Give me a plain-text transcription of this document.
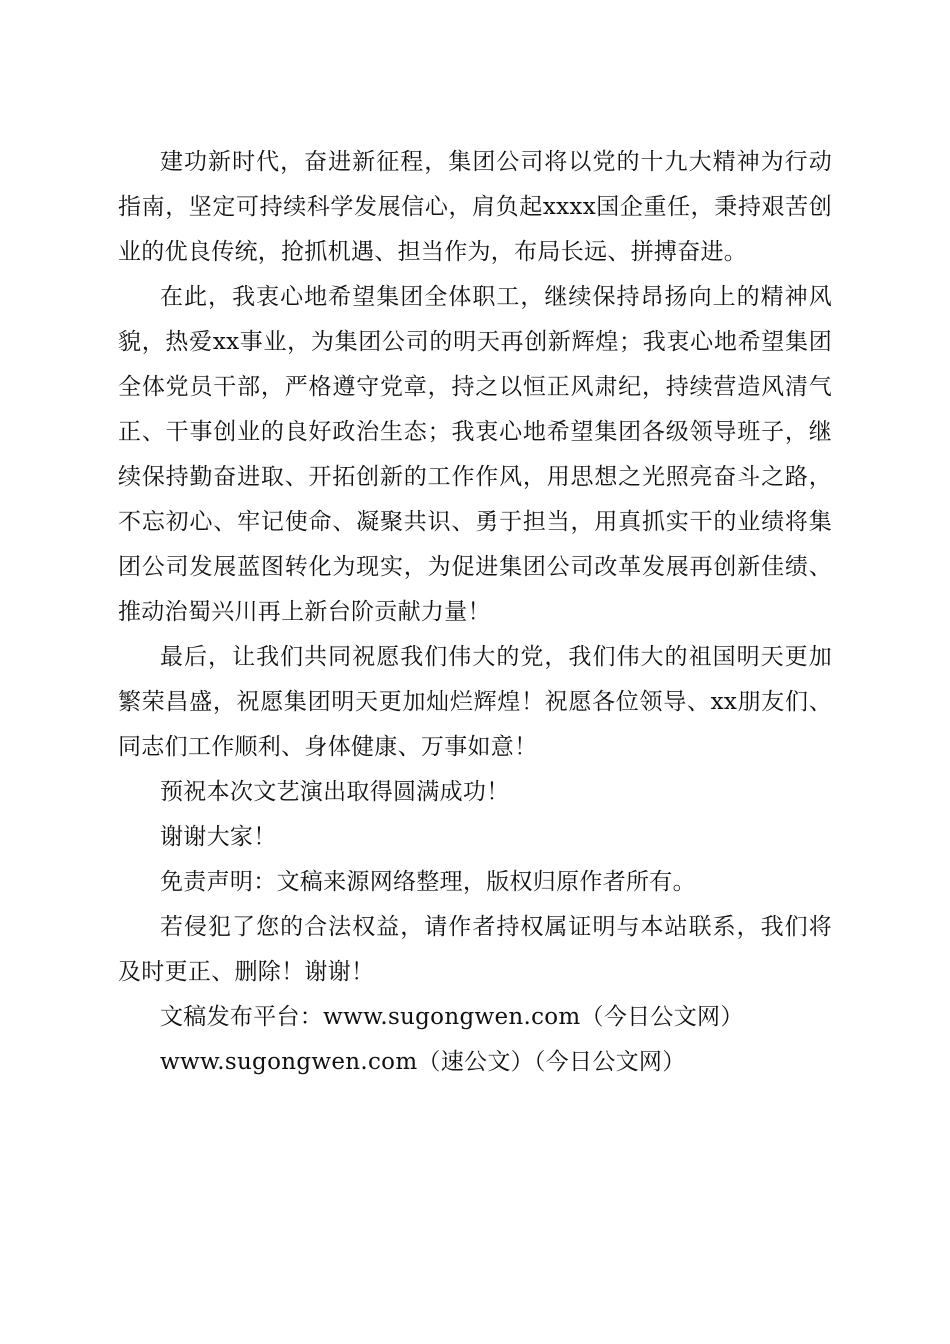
建功新时代，奋进新征程，集团公司将以党的十九大精神为行动指南，坚定可持续科学发展信心，肩负起xxxx国企重任，秉持艰苦创业的优良传统，抢抓机遇、担当作为，布局长远、拼搏奋进。

在此，我衷心地希望集团全体职工，继续保持昂扬向上的精神风貌，热爱xx事业，为集团公司的明天再创新辉煌；我衷心地希望集团全体党员干部，严格遵守党章，持之以恒正风肃纪，持续营造风清气正、干事创业的良好政治生态；我衷心地希望集团各级领导班子，继续保持勤奋进取、开拓创新的工作作风，用思想之光照亮奋斗之路，不忘初心、牢记使命、凝聚共识、勇于担当，用真抓实干的业绩将集团公司发展蓝图转化为现实，为促进集团公司改革发展再创新佳绩、推动治蜀兴川再上新台阶贡献力量！

最后，让我们共同祝愿我们伟大的党，我们伟大的祖国明天更加繁荣昌盛，祝愿集团明天更加灿烂辉煌！祝愿各位领导、xx朋友们、同志们工作顺利、身体健康、万事如意！

预祝本次文艺演出取得圆满成功！

谢谢大家！

免责声明：文稿来源网络整理，版权归原作者所有。

若侵犯了您的合法权益，请作者持权属证明与本站联系，我们将及时更正、删除！谢谢！

文稿发布平台：www.sugongwen.com（今日公文网）

www.sugongwen.com（速公文）（今日公文网）
